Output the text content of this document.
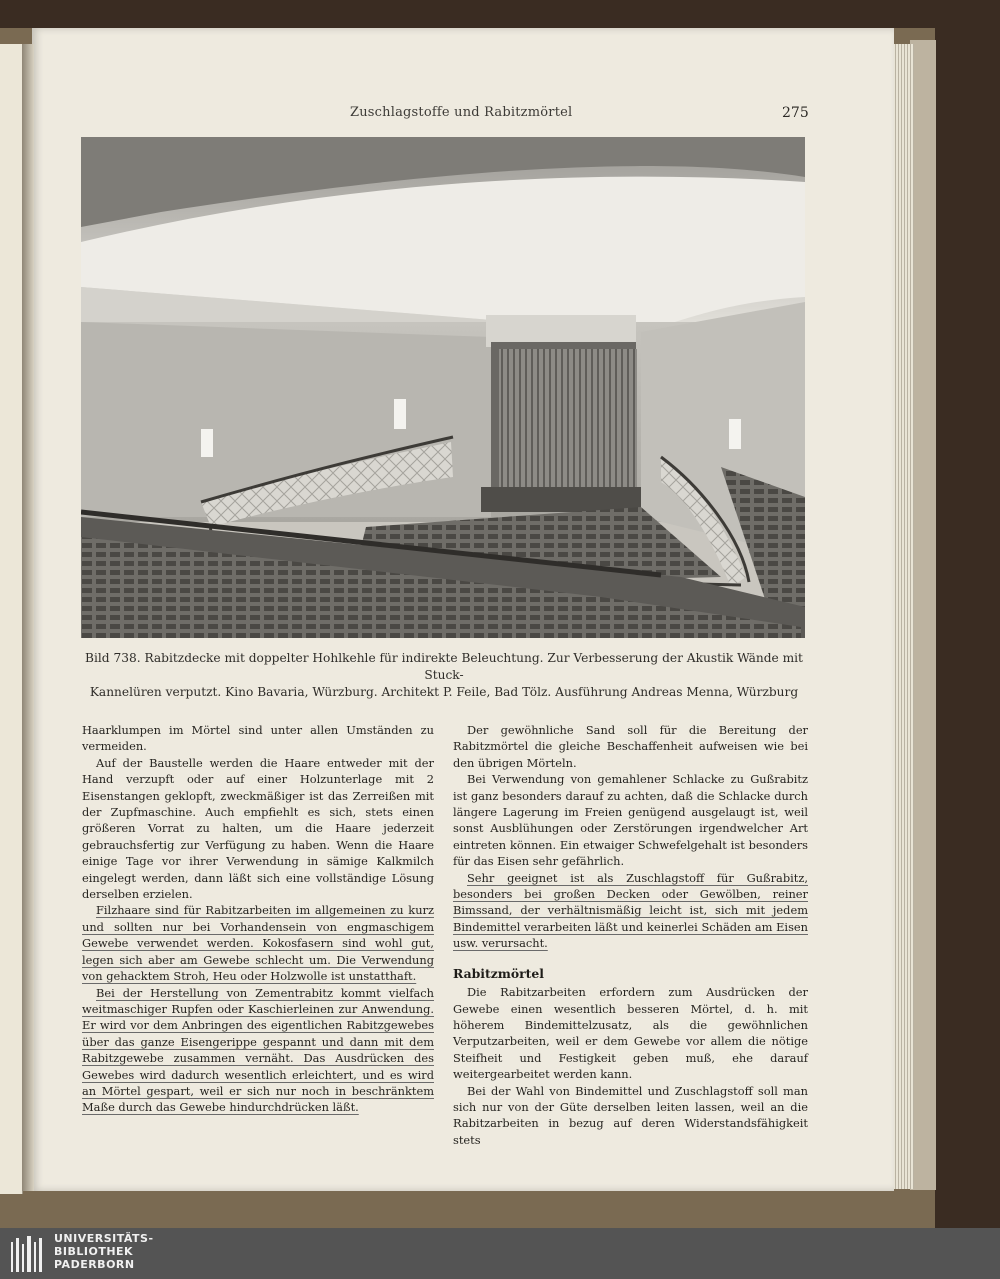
Zuschlagstoffe und Rabitzmörtel	275
Bild 738. Rabitzdecke mit doppelter Hohlkehle für indirekte Beleuchtung. Zur Verbesserung der Akustik Wände mit Stuck-
Kannelüren verputzt. Kino Bavaria, Würzburg. Architekt P. Feile, Bad Tölz. Ausführung Andreas Menna, Würzburg

Haarklumpen im Mörtel sind unter allen Umständen zu vermeiden.

Auf der Baustelle werden die Haare entweder mit der Hand verzupft oder auf einer Holzunterlage mit 2 Eisenstangen geklopft, zweckmäßiger ist das Zerreißen mit der Zupfmaschine. Auch empfiehlt es sich, stets einen größeren Vorrat zu halten, um die Haare jederzeit gebrauchsfertig zur Verfügung zu haben. Wenn die Haare einige Tage vor ihrer Verwendung in sämige Kalkmilch eingelegt werden, dann läßt sich eine vollständige Lösung derselben erzielen.

Filzhaare sind für Rabitzarbeiten im allgemeinen zu kurz und sollten nur bei Vorhandensein von engmaschigem Gewebe verwendet werden. Kokosfasern sind wohl gut, legen sich aber am Gewebe schlecht um. Die Verwendung von gehacktem Stroh, Heu oder Holzwolle ist unstatthaft.

Bei der Herstellung von Zementrabitz kommt vielfach weitmaschiger Rupfen oder Kaschierleinen zur Anwendung. Er wird vor dem Anbringen des eigentlichen Rabitzgewebes über das ganze Eisengerippe gespannt und dann mit dem Rabitzgewebe zusammen vernäht. Das Ausdrücken des Gewebes wird dadurch wesentlich erleichtert, und es wird an Mörtel gespart, weil er sich nur noch in beschränktem Maße durch das Gewebe hindurchdrücken läßt.

Der gewöhnliche Sand soll für die Bereitung der Rabitzmörtel die gleiche Beschaffenheit aufweisen wie bei den übrigen Mörteln.

Bei Verwendung von gemahlener Schlacke zu Gußrabitz ist ganz besonders darauf zu achten, daß die Schlacke durch längere Lagerung im Freien genügend ausgelaugt ist, weil sonst Ausblühungen oder Zerstörungen irgendwelcher Art eintreten können. Ein etwaiger Schwefelgehalt ist besonders für das Eisen sehr gefährlich.

Sehr geeignet ist als Zuschlagstoff für Gußrabitz, besonders bei großen Decken oder Gewölben, reiner Bimssand, der verhältnismäßig leicht ist, sich mit jedem Bindemittel verarbeiten läßt und keinerlei Schäden am Eisen usw. verursacht.

Rabitzmörtel

Die Rabitzarbeiten erfordern zum Ausdrücken der Gewebe einen wesentlich besseren Mörtel, d. h. mit höherem Bindemittelzusatz, als die gewöhnlichen Verputzarbeiten, weil er dem Gewebe vor allem die nötige Steifheit und Festigkeit geben muß, ehe darauf weitergearbeitet werden kann.

Bei der Wahl von Bindemittel und Zuschlagstoff soll man sich nur von der Güte derselben leiten lassen, weil an die Rabitzarbeiten in bezug auf deren Widerstandsfähigkeit stets

UNIVERSITÄTS-
BIBLIOTHEK
PADERBORN
